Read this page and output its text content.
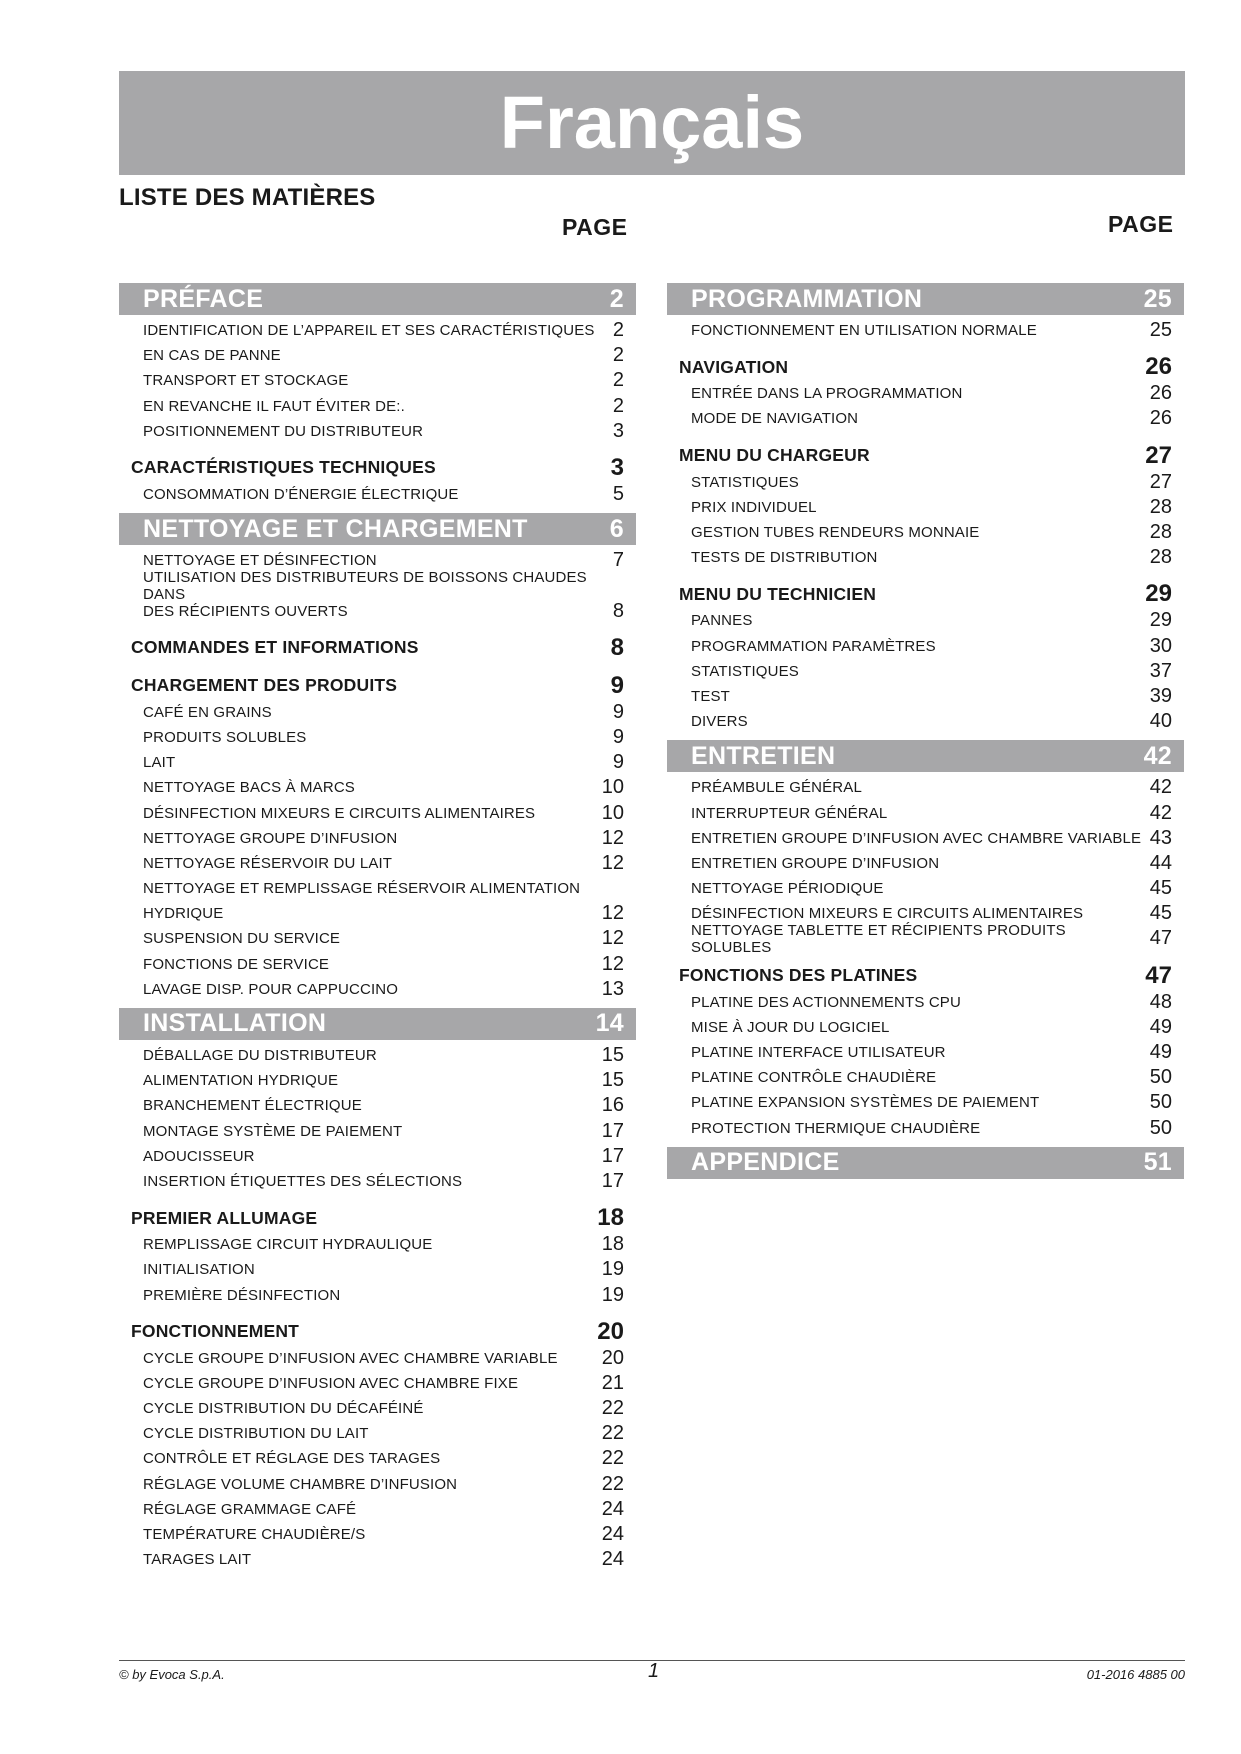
Français
LISTE DES MATIÈRES
PAGE	PAGE
PRÉFACE	2
IDENTIFICATION DE L’APPAREIL ET SES CARACTÉRISTIQUES 2
EN CAS DE PANNE	2
TRANSPORT ET STOCKAGE	2
EN REVANCHE IL FAUT ÉVITER DE:.	2
POSITIONNEMENT DU DISTRIBUTEUR	3
CARACTÉRISTIQUES TECHNIQUES	3
CONSOMMATION D’ÉNERGIE ÉLECTRIQUE	5
NETTOYAGE ET CHARGEMENT	6
NETTOYAGE ET DÉSINFECTION	7
UTILISATION DES DISTRIBUTEURS DE BOISSONS CHAUDES DANS
DES RÉCIPIENTS OUVERTS	8
COMMANDES ET INFORMATIONS	8
CHARGEMENT DES PRODUITS	9
CAFÉ EN GRAINS	9
PRODUITS SOLUBLES	9
LAIT	9
NETTOYAGE BACS À MARCS	10
DÉSINFECTION MIXEURS E CIRCUITS ALIMENTAIRES	10
NETTOYAGE GROUPE D’INFUSION	12
NETTOYAGE RÉSERVOIR DU LAIT	12
NETTOYAGE ET REMPLISSAGE RÉSERVOIR ALIMENTATION
HYDRIQUE	12
SUSPENSION DU SERVICE	12
FONCTIONS DE SERVICE	12
LAVAGE DISP. POUR CAPPUCCINO	13
INSTALLATION	14
DÉBALLAGE DU DISTRIBUTEUR	15
ALIMENTATION HYDRIQUE	15
BRANCHEMENT ÉLECTRIQUE	16
MONTAGE SYSTÈME DE PAIEMENT	17
ADOUCISSEUR	17
INSERTION ÉTIQUETTES DES SÉLECTIONS	17
PREMIER ALLUMAGE	18
REMPLISSAGE CIRCUIT HYDRAULIQUE	18
INITIALISATION	19
PREMIÈRE DÉSINFECTION	19
FONCTIONNEMENT	20
CYCLE GROUPE D’INFUSION AVEC CHAMBRE VARIABLE 20
CYCLE GROUPE D’INFUSION AVEC CHAMBRE FIXE	21
CYCLE DISTRIBUTION DU DÉCAFÉINÉ	22
CYCLE DISTRIBUTION DU LAIT	22
CONTRÔLE ET RÉGLAGE DES TARAGES	22
RÉGLAGE VOLUME CHAMBRE D’INFUSION	22
RÉGLAGE GRAMMAGE CAFÉ	24
TEMPÉRATURE CHAUDIÈRE/S	24
TARAGES LAIT	24
PROGRAMMATION	25
FONCTIONNEMENT EN UTILISATION NORMALE	25
NAVIGATION	26
ENTRÉE DANS LA PROGRAMMATION	26
MODE DE NAVIGATION	26
MENU DU CHARGEUR	27
STATISTIQUES	27
PRIX INDIVIDUEL	28
GESTION TUBES RENDEURS MONNAIE	28
TESTS DE DISTRIBUTION	28
MENU DU TECHNICIEN	29
PANNES	29
PROGRAMMATION PARAMÈTRES	30
STATISTIQUES	37
TEST	39
DIVERS	40
ENTRETIEN	42
PRÉAMBULE GÉNÉRAL	42
INTERRUPTEUR GÉNÉRAL	42
ENTRETIEN GROUPE D’INFUSION AVEC CHAMBRE VARIABLE 43
ENTRETIEN GROUPE D’INFUSION	44
NETTOYAGE PÉRIODIQUE	45
DÉSINFECTION MIXEURS E CIRCUITS ALIMENTAIRES	45
NETTOYAGE TABLETTE ET RÉCIPIENTS PRODUITS SOLUBLES	47
FONCTIONS DES PLATINES	47
PLATINE DES ACTIONNEMENTS CPU	48
MISE À JOUR DU LOGICIEL	49
PLATINE INTERFACE UTILISATEUR	49
PLATINE CONTRÔLE CHAUDIÈRE	50
PLATINE EXPANSION SYSTÈMES DE PAIEMENT	50
PROTECTION THERMIQUE CHAUDIÈRE	50
APPENDICE	51
© by Evoca S.p.A.	1	01-2016 4885 00
